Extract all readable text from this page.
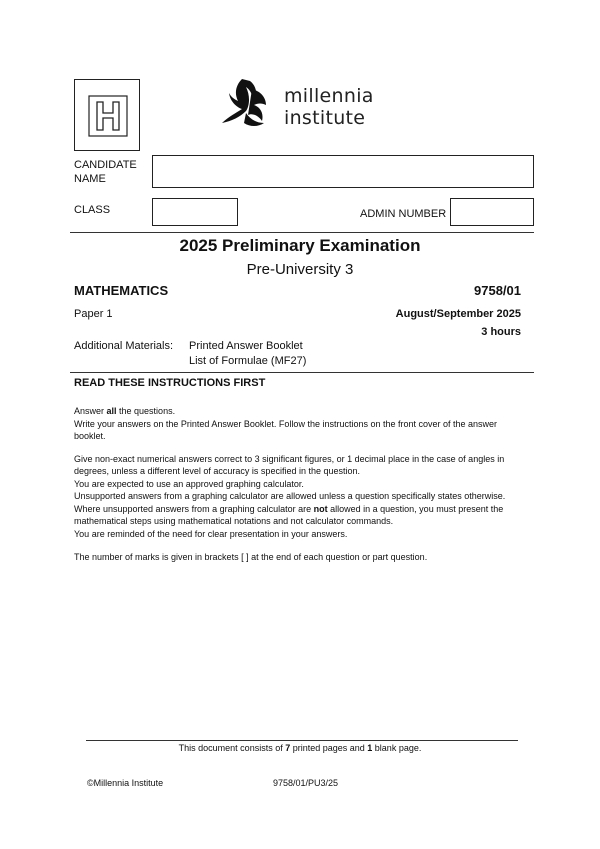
millennia
institute
CANDIDATE
NAME
CLASS	ADMIN NUMBER
2025 Preliminary Examination
Pre-University 3
MATHEMATICS	9758/01
Paper 1	August/September 2025
3 hours
Additional Materials: Printed Answer Booklet
List of Formulae (MF27)
READ THESE INSTRUCTIONS FIRST

Answer all the questions.

Write your answers on the Printed Answer Booklet. Follow the instructions on the front cover of the answer booklet.

Give non-exact numerical answers correct to 3 significant figures, or 1 decimal place in the case of angles in degrees, unless a different level of accuracy is specified in the question.

You are expected to use an approved graphing calculator.

Unsupported answers from a graphing calculator are allowed unless a question specifically states otherwise.

Where unsupported answers from a graphing calculator are not allowed in a question, you must present the mathematical steps using mathematical notations and not calculator commands.

You are reminded of the need for clear presentation in your answers.

The number of marks is given in brackets [ ] at the end of each question or part question.

This document consists of 7 printed pages and 1 blank page.
©Millennia Institute	9758/01/PU3/25
